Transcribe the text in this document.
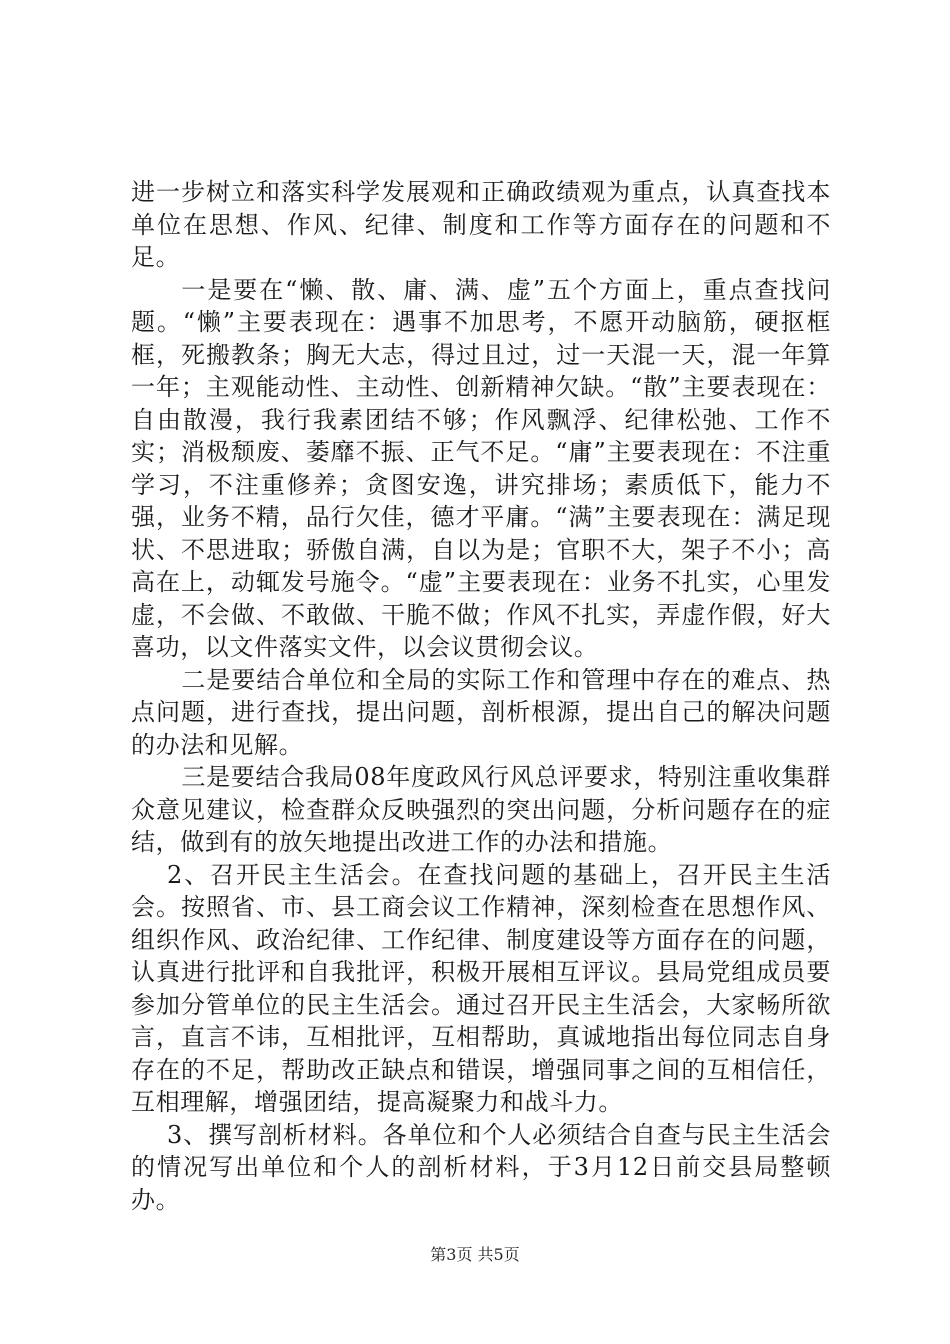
进一步树立和落实科学发展观和正确政绩观为重点，认真查找本单位在思想、作风、纪律、制度和工作等方面存在的问题和不足。

一是要在“懒、散、庸、满、虚”五个方面上，重点查找问题。“懒”主要表现在：遇事不加思考，不愿开动脑筋，硬抠框框，死搬教条；胸无大志，得过且过，过一天混一天，混一年算一年；主观能动性、主动性、创新精神欠缺。“散”主要表现在：自由散漫，我行我素团结不够；作风飘浮、纪律松弛、工作不实；消极颓废、萎靡不振、正气不足。“庸”主要表现在：不注重学习，不注重修养；贪图安逸，讲究排场；素质低下，能力不强，业务不精，品行欠佳，德才平庸。“满”主要表现在：满足现状、不思进取；骄傲自满，自以为是；官职不大，架子不小；高高在上，动辄发号施令。“虚”主要表现在：业务不扎实，心里发虚，不会做、不敢做、干脆不做；作风不扎实，弄虚作假，好大喜功，以文件落实文件，以会议贯彻会议。

二是要结合单位和全局的实际工作和管理中存在的难点、热点问题，进行查找，提出问题，剖析根源，提出自己的解决问题的办法和见解。

三是要结合我局08年度政风行风总评要求，特别注重收集群众意见建议，检查群众反映强烈的突出问题，分析问题存在的症结，做到有的放矢地提出改进工作的办法和措施。

2、召开民主生活会。在查找问题的基础上，召开民主生活会。按照省、市、县工商会议工作精神，深刻检查在思想作风、组织作风、政治纪律、工作纪律、制度建设等方面存在的问题，认真进行批评和自我批评，积极开展相互评议。县局党组成员要参加分管单位的民主生活会。通过召开民主生活会，大家畅所欲言，直言不讳，互相批评，互相帮助，真诚地指出每位同志自身存在的不足，帮助改正缺点和错误，增强同事之间的互相信任，互相理解，增强团结，提高凝聚力和战斗力。

3、撰写剖析材料。各单位和个人必须结合自查与民主生活会的情况写出单位和个人的剖析材料，于3月12日前交县局整顿办。

第3页 共5页
